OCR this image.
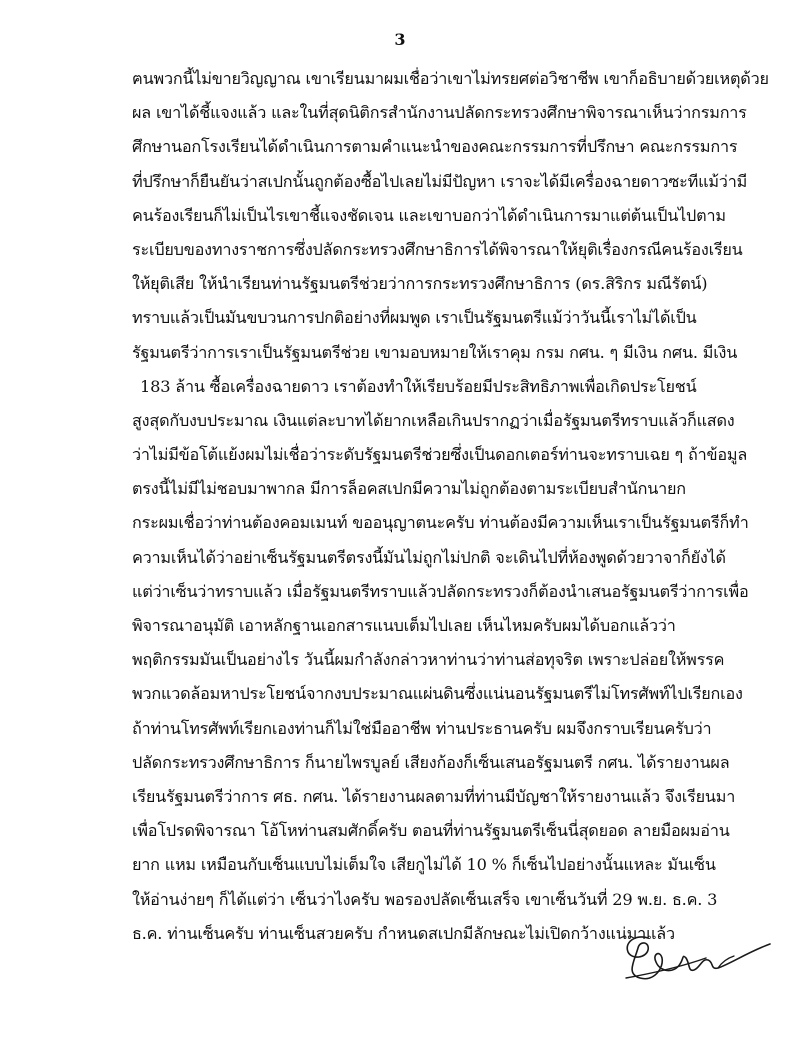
3
ฅนพวกนี้ไม่ขายวิญญาณ เขาเรียนมาผมเชื่อว่าเขาไม่ทรยศต่อวิชาชีพ เขาก็อธิบายด้วยเหตุด้วย
ผล เขาได้ชี้แจงแล้ว และในที่สุดนิติกรสำนักงานปลัดกระทรวงศึกษาพิจารณาเห็นว่ากรมการ
ศึกษานอกโรงเรียนได้ดำเนินการตามคำแนะนำของคณะกรรมการที่ปรึกษา คณะกรรมการ
ที่ปรึกษาก็ยืนยันว่าสเปกนั้นถูกต้องซื้อไปเลยไม่มีปัญหา เราจะได้มีเครื่องฉายดาวซะทีแม้ว่ามี
คนร้องเรียนก็ไม่เป็นไรเขาชี้แจงชัดเจน และเขาบอกว่าได้ดำเนินการมาแต่ต้นเป็นไปตาม
ระเบียบของทางราชการซึ่งปลัดกระทรวงศึกษาธิการได้พิจารณาให้ยุติเรื่องกรณีคนร้องเรียน
ให้ยุติเสีย ให้นำเรียนท่านรัฐมนตรีช่วยว่าการกระทรวงศึกษาธิการ (ดร.สิริกร มณีรัตน์)
ทราบแล้วเป็นมันขบวนการปกติอย่างที่ผมพูด เราเป็นรัฐมนตรีแม้ว่าวันนี้เราไม่ได้เป็น
รัฐมนตรีว่าการเราเป็นรัฐมนตรีช่วย เขามอบหมายให้เราคุม กรม กศน. ๆ มีเงิน กศน. มีเงิน
183 ล้าน ซื้อเครื่องฉายดาว เราต้องทำให้เรียบร้อยมีประสิทธิภาพเพื่อเกิดประโยชน์
สูงสุดกับงบประมาณ เงินแต่ละบาทได้ยากเหลือเกินปรากฏว่าเมื่อรัฐมนตรีทราบแล้วก็แสดง
ว่าไม่มีข้อโต้แย้งผมไม่เชื่อว่าระดับรัฐมนตรีช่วยซึ่งเป็นดอกเตอร์ท่านจะทราบเฉย ๆ ถ้าข้อมูล
ตรงนี้ไม่มีไม่ชอบมาพากล มีการล็อคสเปกมีความไม่ถูกต้องตามระเบียบสำนักนายก
กระผมเชื่อว่าท่านต้องคอมเมนท์ ขออนุญาตนะครับ ท่านต้องมีความเห็นเราเป็นรัฐมนตรีก็ทำ
ความเห็นได้ว่าอย่าเซ็นรัฐมนตรีตรงนี้มันไม่ถูกไม่ปกติ จะเดินไปที่ห้องพูดด้วยวาจาก็ยังได้
แต่ว่าเซ็นว่าทราบแล้ว เมื่อรัฐมนตรีทราบแล้วปลัดกระทรวงก็ต้องนำเสนอรัฐมนตรีว่าการเพื่อ
พิจารณาอนุมัติ เอาหลักฐานเอกสารแนบเต็มไปเลย เห็นไหมครับผมได้บอกแล้วว่า
พฤติกรรมมันเป็นอย่างไร วันนี้ผมกำลังกล่าวหาท่านว่าท่านส่อทุจริต เพราะปล่อยให้พรรค
พวกแวดล้อมหาประโยชน์จากงบประมาณแผ่นดินซึ่งแน่นอนรัฐมนตรีไม่โทรศัพท์ไปเรียกเอง
ถ้าท่านโทรศัพท์เรียกเองท่านก็ไม่ใช่มืออาชีพ ท่านประธานครับ ผมจึงกราบเรียนครับว่า
ปลัดกระทรวงศึกษาธิการ ก็นายไพรบูลย์ เสียงก้องก็เซ็นเสนอรัฐมนตรี กศน. ได้รายงานผล
เรียนรัฐมนตรีว่าการ ศธ. กศน. ได้รายงานผลตามที่ท่านมีบัญชาให้รายงานแล้ว จึงเรียนมา
เพื่อโปรดพิจารณา โอ้โหท่านสมศักดิ์ครับ ตอนที่ท่านรัฐมนตรีเซ็นนี่สุดยอด ลายมือผมอ่าน
ยาก แหม เหมือนกับเซ็นแบบไม่เต็มใจ เสียกูไม่ได้ 10 % ก็เซ็นไปอย่างนั้นแหละ มันเซ็น
ให้อ่านง่ายๆ ก็ได้แต่ว่า เซ็นว่าไงครับ พอรองปลัดเซ็นเสร็จ เขาเซ็นวันที่ 29 พ.ย. ธ.ค. 3
ธ.ค. ท่านเซ็นครับ ท่านเซ็นสวยครับ กำหนดสเปกมีลักษณะไม่เปิดกว้างแน่มาแล้ว
